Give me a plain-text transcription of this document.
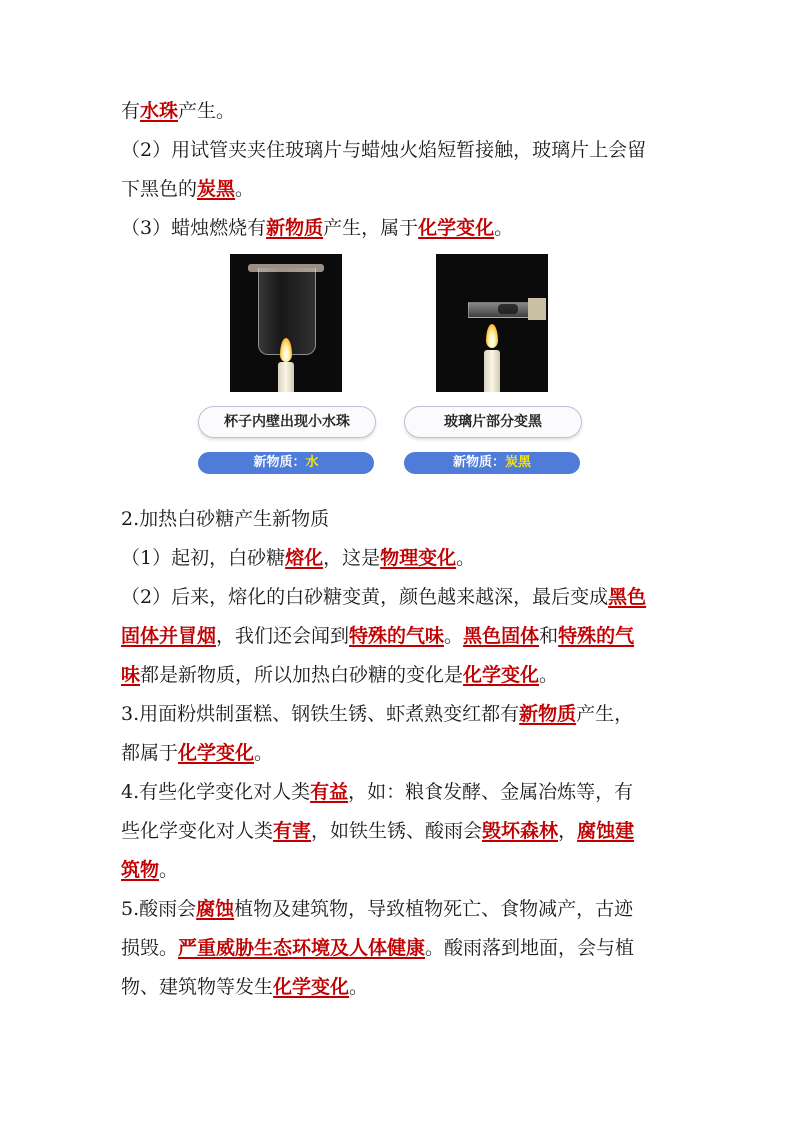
有水珠产生。
（2）用试管夹夹住玻璃片与蜡烛火焰短暂接触，玻璃片上会留
下黑色的炭黑。
（3）蜡烛燃烧有新物质产生，属于化学变化。
杯子内壁出现小水珠
新物质：水
玻璃片部分变黑
新物质：炭黑
2.加热白砂糖产生新物质
（1）起初，白砂糖熔化，这是物理变化。
（2）后来，熔化的白砂糖变黄，颜色越来越深，最后变成黑色
固体并冒烟，我们还会闻到特殊的气味。黑色固体和特殊的气
味都是新物质，所以加热白砂糖的变化是化学变化。
3.用面粉烘制蛋糕、钢铁生锈、虾煮熟变红都有新物质产生，
都属于化学变化。
4.有些化学变化对人类有益，如：粮食发酵、金属冶炼等，有
些化学变化对人类有害，如铁生锈、酸雨会毁坏森林，腐蚀建
筑物。
5.酸雨会腐蚀植物及建筑物，导致植物死亡、食物减产，古迹
损毁。严重威胁生态环境及人体健康。酸雨落到地面，会与植
物、建筑物等发生化学变化。
